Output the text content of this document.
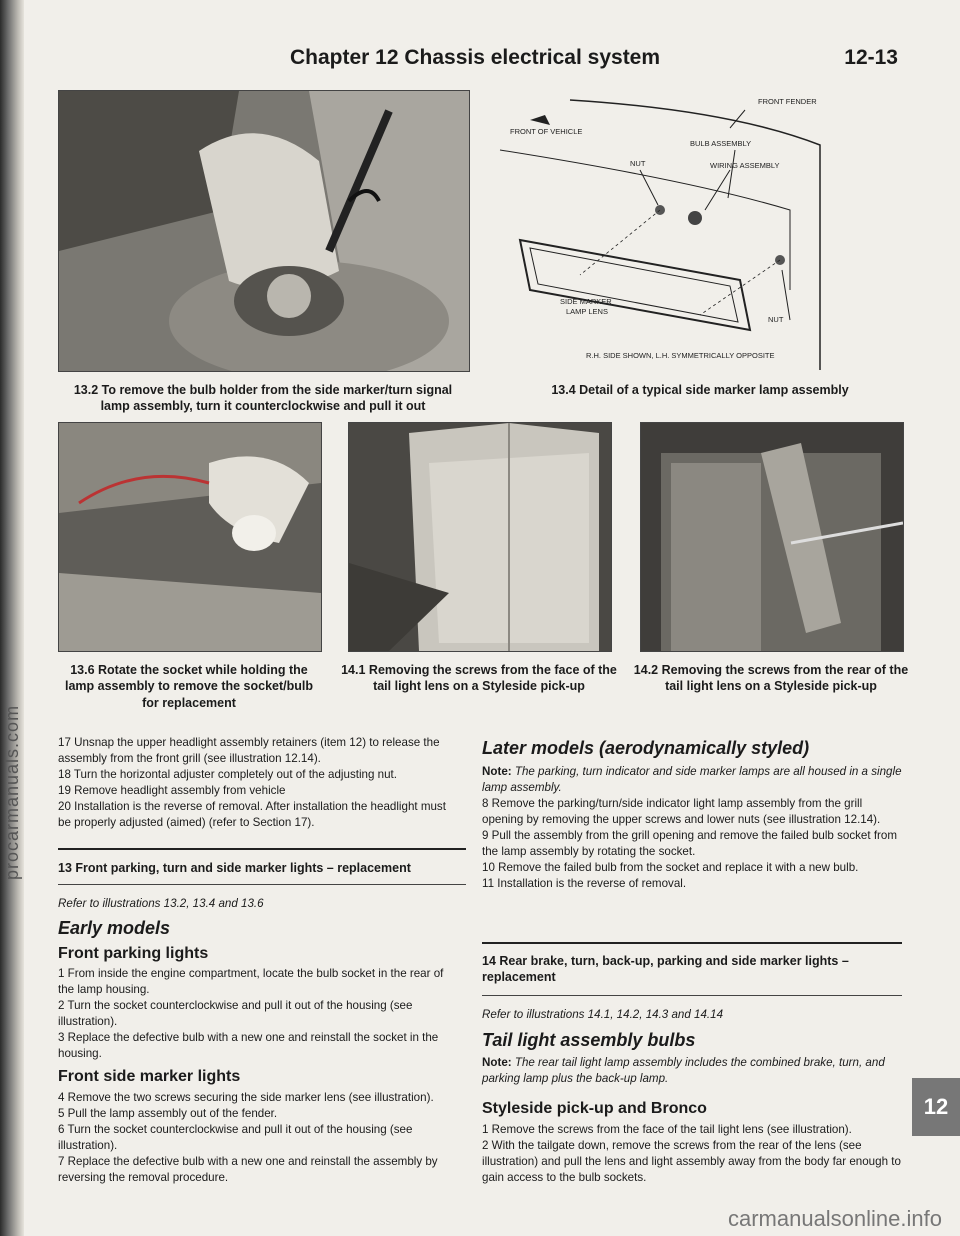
procarmanuals.com
Chapter 12 Chassis electrical system	12-13
13.2 To remove the bulb holder from the side marker/turn signal lamp assembly, turn it counterclockwise and pull it out
FRONT FENDER
FRONT OF VEHICLE
BULB ASSEMBLY
NUT	WIRING ASSEMBLY
SIDE MARKER
LAMP LENS
NUT
R.H. SIDE SHOWN, L.H. SYMMETRICALLY OPPOSITE
13.4 Detail of a typical side marker lamp assembly
13.6 Rotate the socket while holding the lamp assembly to remove the socket/bulb for replacement
14.1 Removing the screws from the face of the tail light lens on a Styleside pick-up
14.2 Removing the screws from the rear of the tail light lens on a Styleside pick-up

17 Unsnap the upper headlight assembly retainers (item 12) to release the assembly from the front grill (see illustration 12.14).

18 Turn the horizontal adjuster completely out of the adjusting nut.

19 Remove headlight assembly from vehicle

20 Installation is the reverse of removal. After installation the headlight must be properly adjusted (aimed) (refer to Section 17).

13 Front parking, turn and side marker lights – replacement
Refer to illustrations 13.2, 13.4 and 13.6
Early models
Front parking lights

1 From inside the engine compartment, locate the bulb socket in the rear of the lamp housing.

2 Turn the socket counterclockwise and pull it out of the housing (see illustration).

3 Replace the defective bulb with a new one and reinstall the socket in the housing.

Front side marker lights

4 Remove the two screws securing the side marker lens (see illustration).

5 Pull the lamp assembly out of the fender.

6 Turn the socket counterclockwise and pull it out of the housing (see illustration).

7 Replace the defective bulb with a new one and reinstall the assembly by reversing the removal procedure.

Later models (aerodynamically styled)

Note: The parking, turn indicator and side marker lamps are all housed in a single lamp assembly.

8 Remove the parking/turn/side indicator light lamp assembly from the grill opening by removing the upper screws and lower nuts (see illustration 12.14).

9 Pull the assembly from the grill opening and remove the failed bulb socket from the lamp assembly by rotating the socket.

10 Remove the failed bulb from the socket and replace it with a new bulb.

11 Installation is the reverse of removal.

14 Rear brake, turn, back-up, parking and side marker lights – replacement
Refer to illustrations 14.1, 14.2, 14.3 and 14.14
Tail light assembly bulbs

Note: The rear tail light lamp assembly includes the combined brake, turn, and parking lamp plus the back-up lamp.

Styleside pick-up and Bronco

1 Remove the screws from the face of the tail light lens (see illustration).

2 With the tailgate down, remove the screws from the rear of the lens (see illustration) and pull the lens and light assembly away from the body far enough to gain access to the bulb sockets.

12
carmanualsonline.info
